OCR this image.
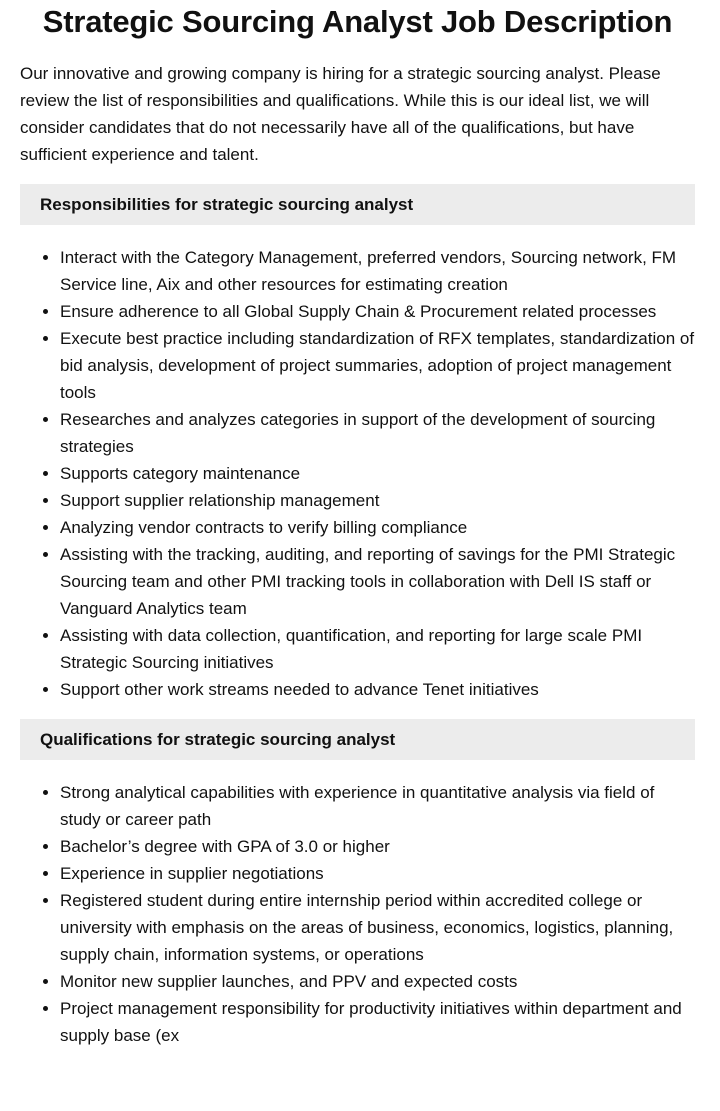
Strategic Sourcing Analyst Job Description

Our innovative and growing company is hiring for a strategic sourcing analyst. Please review the list of responsibilities and qualifications. While this is our ideal list, we will consider candidates that do not necessarily have all of the qualifications, but have sufficient experience and talent.

Responsibilities for strategic sourcing analyst
• Interact with the Category Management, preferred vendors, Sourcing network, FM Service line, Aix and other resources for estimating creation
• Ensure adherence to all Global Supply Chain & Procurement related processes
• Execute best practice including standardization of RFX templates, standardization of bid analysis, development of project summaries, adoption of project management tools
• Researches and analyzes categories in support of the development of sourcing strategies
• Supports category maintenance
• Support supplier relationship management
• Analyzing vendor contracts to verify billing compliance
• Assisting with the tracking, auditing, and reporting of savings for the PMI Strategic Sourcing team and other PMI tracking tools in collaboration with Dell IS staff or Vanguard Analytics team
• Assisting with data collection, quantification, and reporting for large scale PMI Strategic Sourcing initiatives
• Support other work streams needed to advance Tenet initiatives
Qualifications for strategic sourcing analyst
• Strong analytical capabilities with experience in quantitative analysis via field of study or career path
• Bachelor’s degree with GPA of 3.0 or higher
• Experience in supplier negotiations
• Registered student during entire internship period within accredited college or university with emphasis on the areas of business, economics, logistics, planning, supply chain, information systems, or operations
• Monitor new supplier launches, and PPV and expected costs
• Project management responsibility for productivity initiatives within department and supply base (ex
